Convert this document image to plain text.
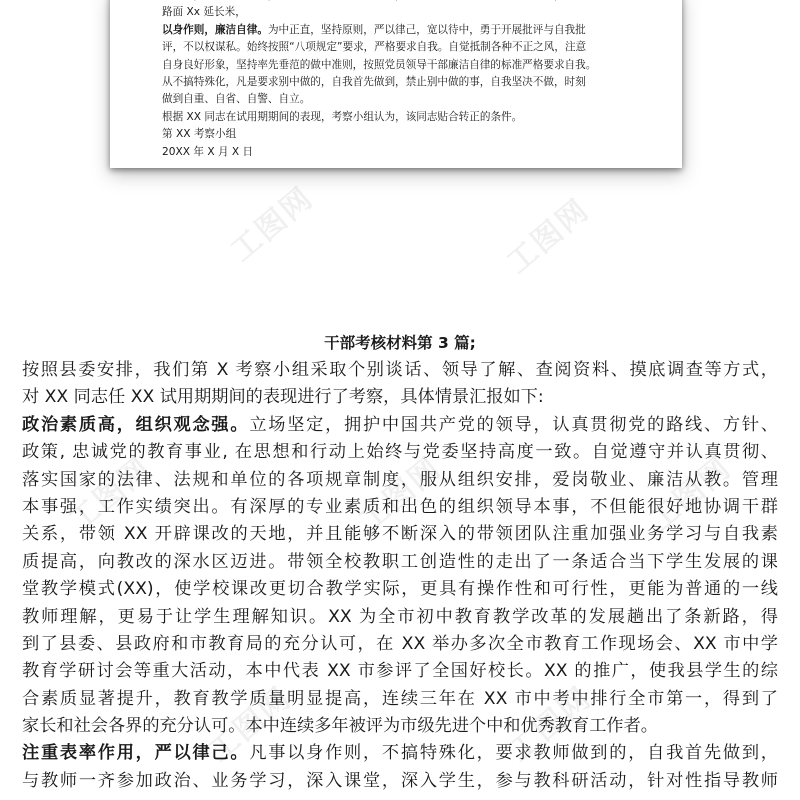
路面 Xx 延长米，
以身作则，廉洁自律。为中正直，坚持原则，严以律己，宽以待中，勇于开展批评与自我批
评，不以权谋私。始终按照“八项规定”要求，严格要求自我。自觉抵制各种不正之风，注意
自身良好形象，坚持率先垂范的做中准则，按照党员领导干部廉洁自律的标准严格要求自我。
从不搞特殊化，凡是要求别中做的，自我首先做到，禁止别中做的事，自我坚决不做，时刻
做到自重、自省、自警、自立。
根据 XX 同志在试用期期间的表现，考察小组认为，该同志贴合转正的条件。
第 XX 考察小组
20XX 年 X 月 X 日
工图网	工图网
工图网	工图网	工图网
工图网	工图网
干部考核材料第 3 篇;
按照县委安排，我们第 X 考察小组采取个别谈话、领导了解、查阅资料、摸底调查等方式，
对 XX 同志任 XX 试用期期间的表现进行了考察，具体情景汇报如下:
政治素质高，组织观念强。立场坚定，拥护中国共产党的领导，认真贯彻党的路线、方针、
政策, 忠诚党的教育事业, 在思想和行动上始终与党委坚持高度一致。自觉遵守并认真贯彻、
落实国家的法律、法规和单位的各项规章制度，服从组织安排，爱岗敬业、廉洁从教。管理
本事强，工作实绩突出。有深厚的专业素质和出色的组织领导本事，不但能很好地协调干群
关系，带领 XX 开辟课改的天地，并且能够不断深入的带领团队注重加强业务学习与自我素
质提高，向教改的深水区迈进。带领全校教职工创造性的走出了一条适合当下学生发展的课
堂教学模式(XX)，使学校课改更切合教学实际，更具有操作性和可行性，更能为普通的一线
教师理解，更易于让学生理解知识。XX 为全市初中教育教学改革的发展趟出了条新路，得
到了县委、县政府和市教育局的充分认可，在 XX 举办多次全市教育工作现场会、XX 市中学
教育学研讨会等重大活动，本中代表 XX 市参评了全国好校长。XX 的推广，使我县学生的综
合素质显著提升，教育教学质量明显提高，连续三年在 XX 市中考中排行全市第一，得到了
家长和社会各界的充分认可。本中连续多年被评为市级先进个中和优秀教育工作者。
注重表率作用，严以律己。凡事以身作则，不搞特殊化，要求教师做到的，自我首先做到，
与教师一齐参加政治、业务学习，深入课堂，深入学生，参与教科研活动，针对性指导教师
